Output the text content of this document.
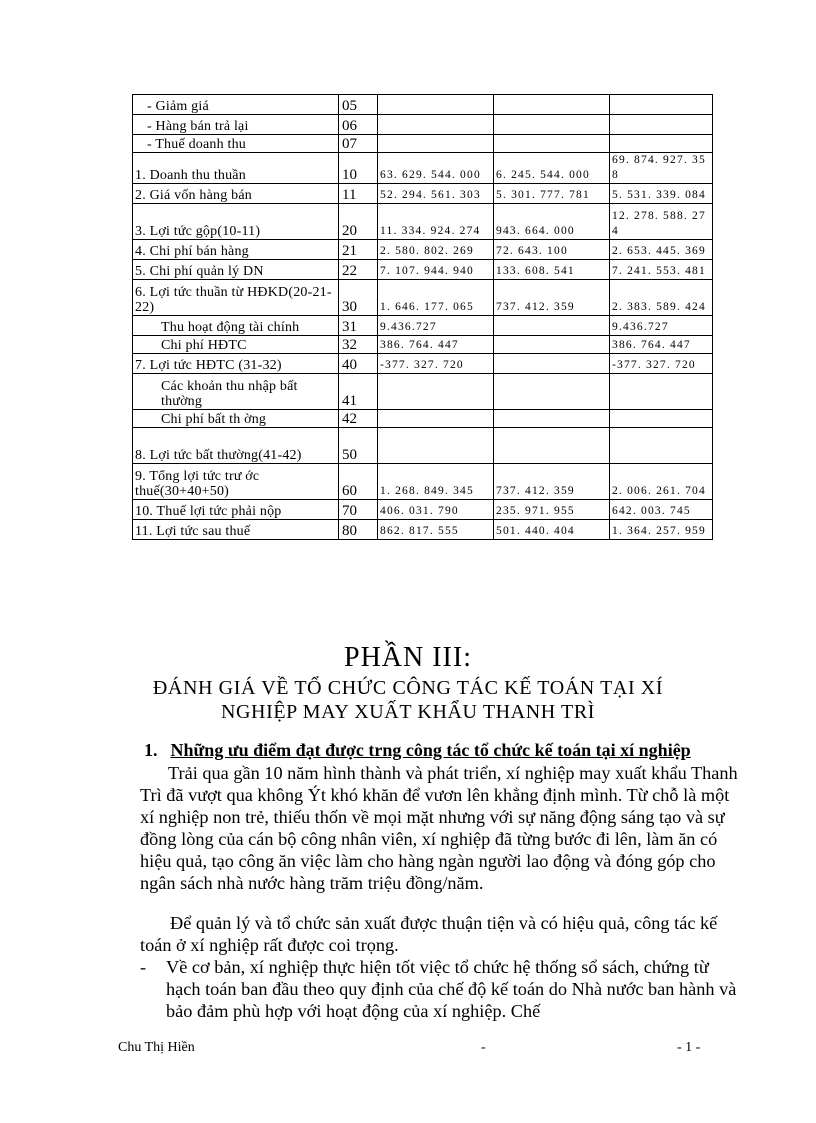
- Giảm giá	05			
- Hàng bán trả lại	06			
- Thuế doanh thu	07			
1. Doanh thu thuần	10	63. 629. 544. 000	6. 245. 544. 000	69. 874. 927. 358
2. Giá vốn hàng bán	11	52. 294. 561. 303	5. 301. 777. 781	5. 531. 339. 084
3. Lợi tức gộp(10-11)	20	11. 334. 924. 274	943. 664. 000	12. 278. 588. 274
4. Chi phí bán hàng	21	2. 580. 802. 269	72. 643. 100	2. 653. 445. 369
5. Chi phí quản lý DN	22	7. 107. 944. 940	133. 608. 541	7. 241. 553. 481
6. Lợi tức thuần từ HĐKD(20-21-22)	30	1. 646. 177. 065	737. 412. 359	2. 383. 589. 424
Thu hoạt động tài chính	31	9.436.727		9.436.727
Chi phí HĐTC	32	386. 764. 447		386. 764. 447
7. Lợi tức HĐTC (31-32)	40	-377. 327. 720		-377. 327. 720
Các khoản thu nhập bất thường	41			
Chi phí bất th ờng	42			
8. Lợi tức bất thường(41-42)	50			
9. Tổng lợi tức trư ớc thuế(30+40+50)	60	1. 268. 849. 345	737. 412. 359	2. 006. 261. 704
10. Thuế lợi tức phải nộp	70	406. 031. 790	235. 971. 955	642. 003. 745
11. Lợi tức sau thuế	80	862. 817. 555	501. 440. 404	1. 364. 257. 959
PHẦN III:
ĐÁNH GIÁ VỀ TỔ CHỨC CÔNG TÁC KẾ TOÁN TẠI XÍ
NGHIỆP MAY XUẤT KHẨU THANH TRÌ
1. Những ưu điểm đạt được trng công tác tổ chức kế toán tại xí nghiệp
Trải qua gần 10 năm hình thành và phát triển, xí nghiệp may xuất khẩu Thanh Trì đã vượt qua không Ýt khó khăn để vươn lên khẳng định mình. Từ chỗ là một xí nghiệp non trẻ, thiếu thốn về mọi mặt nhưng với sự năng động sáng tạo và sự đồng lòng của cán bộ công nhân viên, xí nghiệp đã từng bước đi lên, làm ăn có hiệu quả, tạo công ăn việc làm cho hàng ngàn người lao động và đóng góp cho ngân sách nhà nước hàng trăm triệu đồng/năm.
Để quản lý và tổ chức sản xuất được thuận tiện và có hiệu quả, công tác kế toán ở xí nghiệp rất được coi trọng.
- Về cơ bản, xí nghiệp thực hiện tốt việc tổ chức hệ thống sổ sách, chứng từ hạch toán ban đầu theo quy định của chế độ kế toán do Nhà nước ban hành và bảo đảm phù hợp với hoạt động của xí nghiệp. Chế
Chu Thị Hiền	-	- 1 -
